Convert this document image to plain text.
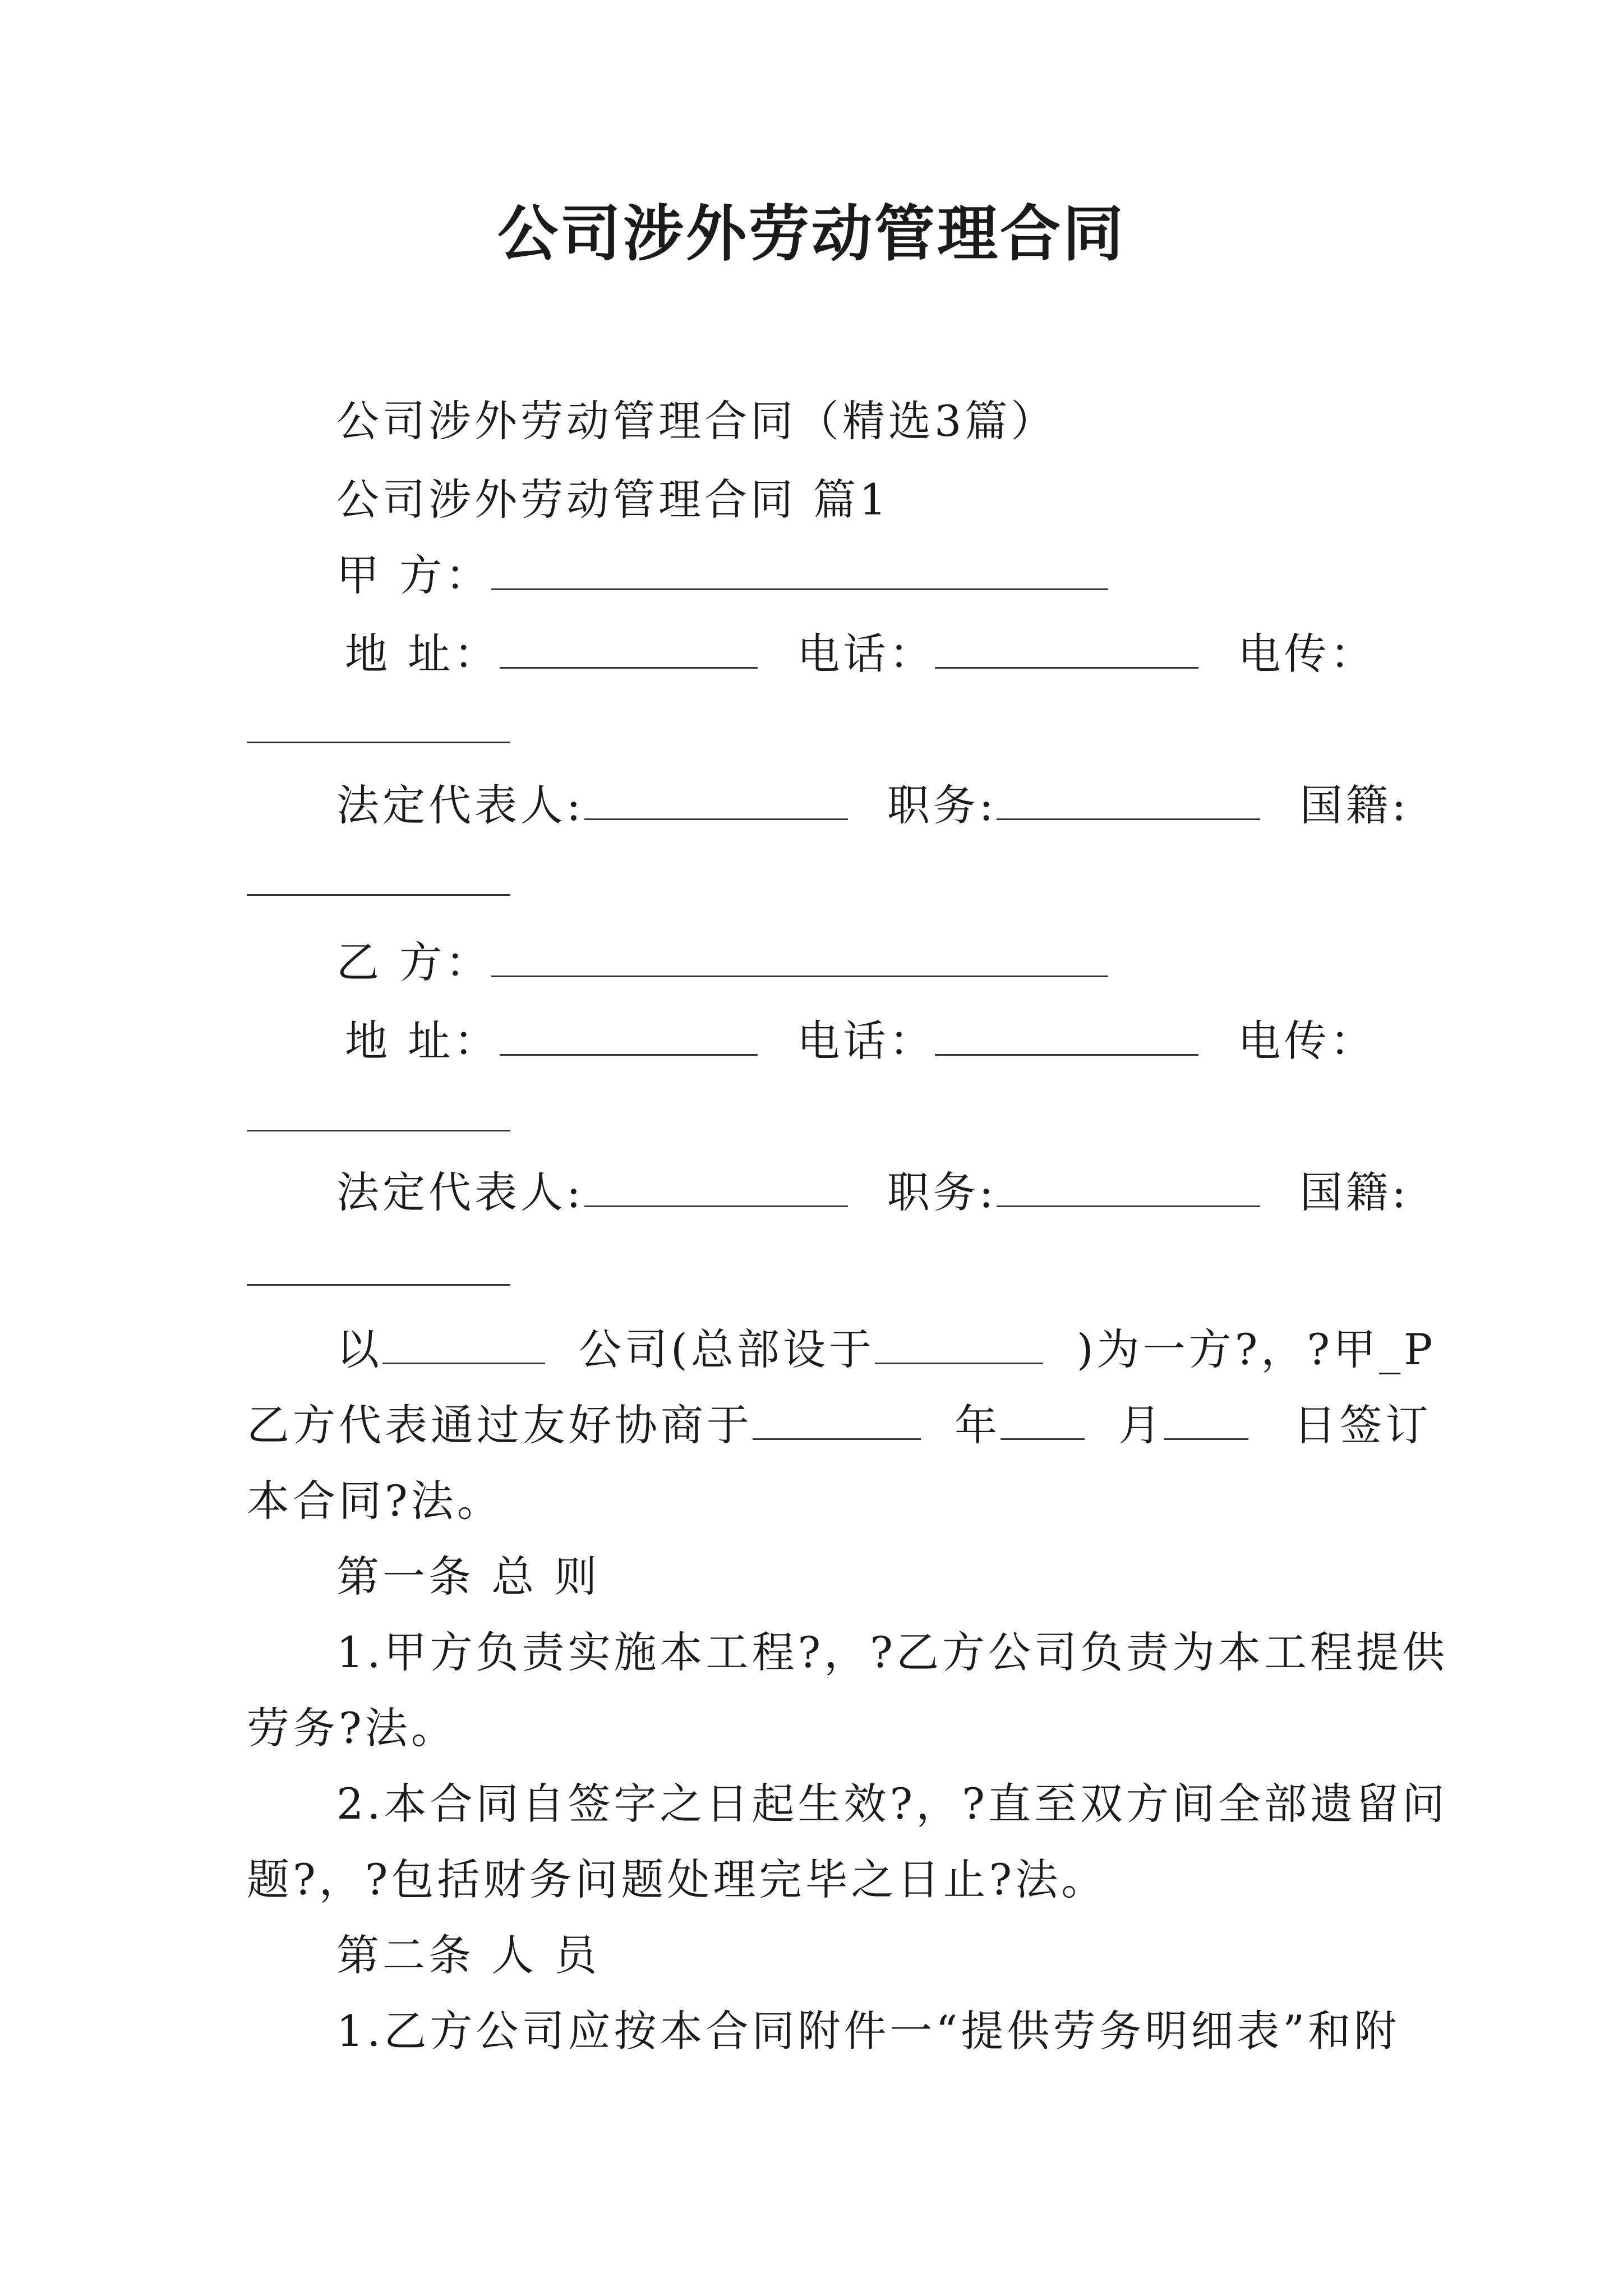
公司涉外劳动管理合同
公司涉外劳动管理合同（精选3篇）
公司涉外劳动管理合同 篇1
甲 方：
地 址：	电话：	电传：
法定代表人:	职务:	国籍:
乙 方：
地 址：	电话：	电传：
法定代表人:	职务:	国籍:
以	公司(总部设于	)为一方?，?甲_P
乙方代表通过友好协商于	年	月	日签订
本合同?法。
第一条 总 则
1.甲方负责实施本工程?，?乙方公司负责为本工程提供
劳务?法。
2.本合同自签字之日起生效?，?直至双方间全部遗留问
题?，?包括财务问题处理完毕之日止?法。
第二条 人 员
1.乙方公司应按本合同附件一“提供劳务明细表”和附
